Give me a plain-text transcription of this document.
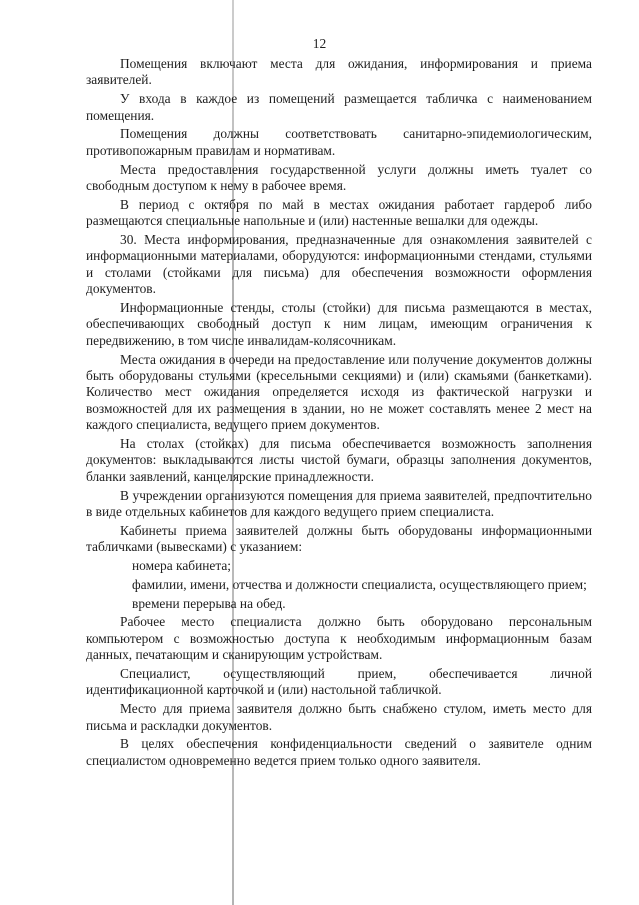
12

Помещения включают места для ожидания, информирования и приема заявителей.

У входа в каждое из помещений размещается табличка с наименованием помещения.

Помещения должны соответствовать санитарно-эпидемиологическим, противопожарным правилам и нормативам.

Места предоставления государственной услуги должны иметь туалет со свободным доступом к нему в рабочее время.

В период с октября по май в местах ожидания работает гардероб либо размещаются специальные напольные и (или) настенные вешалки для одежды.

30. Места информирования, предназначенные для ознакомления заявителей с информационными материалами, оборудуются: информационными стендами, стульями и столами (стойками для письма) для обеспечения возможности оформления документов.

Информационные стенды, столы (стойки) для письма размещаются в местах, обеспечивающих свободный доступ к ним лицам, имеющим ограничения к передвижению, в том числе инвалидам-колясочникам.

Места ожидания в очереди на предоставление или получение документов должны быть оборудованы стульями (кресельными секциями) и (или) скамьями (банкетками). Количество мест ожидания определяется исходя из фактической нагрузки и возможностей для их размещения в здании, но не может составлять менее 2 мест на каждого специалиста, ведущего прием документов.

На столах (стойках) для письма обеспечивается возможность заполнения документов: выкладываются листы чистой бумаги, образцы заполнения документов, бланки заявлений, канцелярские принадлежности.

В учреждении организуются помещения для приема заявителей, предпочтительно в виде отдельных кабинетов для каждого ведущего прием специалиста.

Кабинеты приема заявителей должны быть оборудованы информационными табличками (вывесками) с указанием:

номера кабинета;

фамилии, имени, отчества и должности специалиста, осуществляющего прием;

времени перерыва на обед.

Рабочее место специалиста должно быть оборудовано персональным компьютером с возможностью доступа к необходимым информационным базам данных, печатающим и сканирующим устройствам.

Специалист, осуществляющий прием, обеспечивается личной идентификационной карточкой и (или) настольной табличкой.

Место для приема заявителя должно быть снабжено стулом, иметь место для письма и раскладки документов.

В целях обеспечения конфиденциальности сведений о заявителе одним специалистом одновременно ведется прием только одного заявителя.
